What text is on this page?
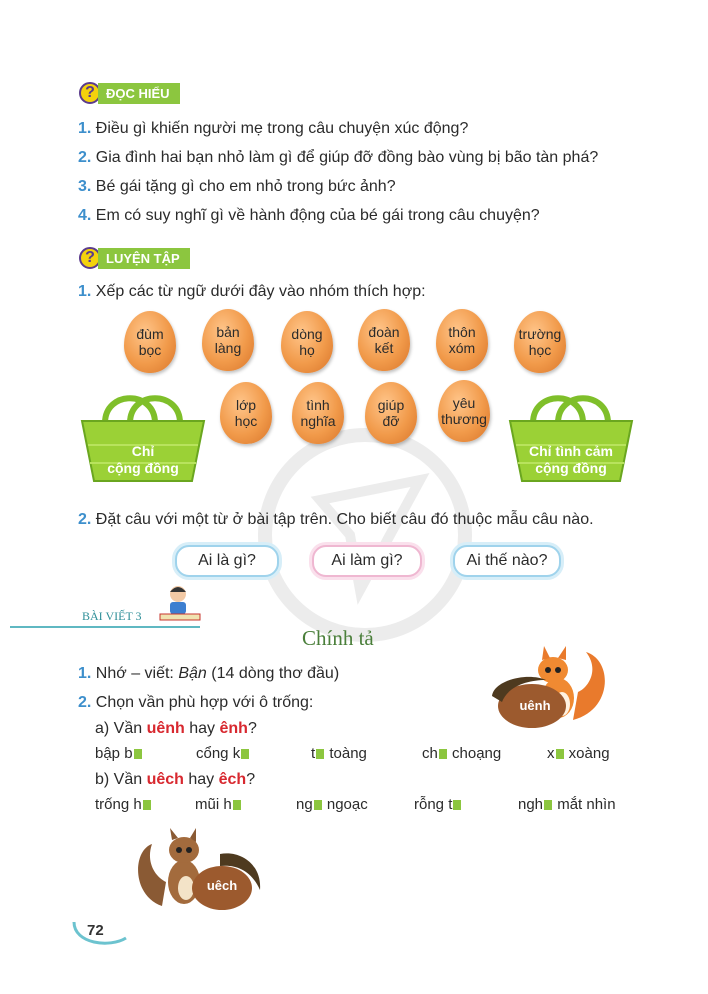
? ĐỌC HIỂU
1. Điều gì khiến người mẹ trong câu chuyện xúc động?
2. Gia đình hai bạn nhỏ làm gì để giúp đỡ đồng bào vùng bị bão tàn phá?
3. Bé gái tặng gì cho em nhỏ trong bức ảnh?
4. Em có suy nghĩ gì về hành động của bé gái trong câu chuyện?
? LUYỆN TẬP
1. Xếp các từ ngữ dưới đây vào nhóm thích hợp:
đùm
bọc
bản
làng
dòng
họ
đoàn
kết
thôn
xóm
trường
học
lớp
học
tình
nghĩa
giúp
đỡ
yêu
thương
Chỉ
cộng đồng
Chỉ tình cảm
cộng đồng
2. Đặt câu với một từ ở bài tập trên. Cho biết câu đó thuộc mẫu câu nào.
Ai là gì?	Ai làm gì?	Ai thế nào?
BÀI VIẾT 3
Chính tả
1. Nhớ – viết: Bận (14 dòng thơ đầu)
2. Chọn vần phù hợp với ô trống:
a) Vần uênh hay ênh?
bập b	cổng k	t toàng	ch choạng	x xoàng
b) Vần uêch hay êch?
trống h	mũi h	ng ngoạc	rỗng t	ngh mắt nhìn
uênh
uêch
72
